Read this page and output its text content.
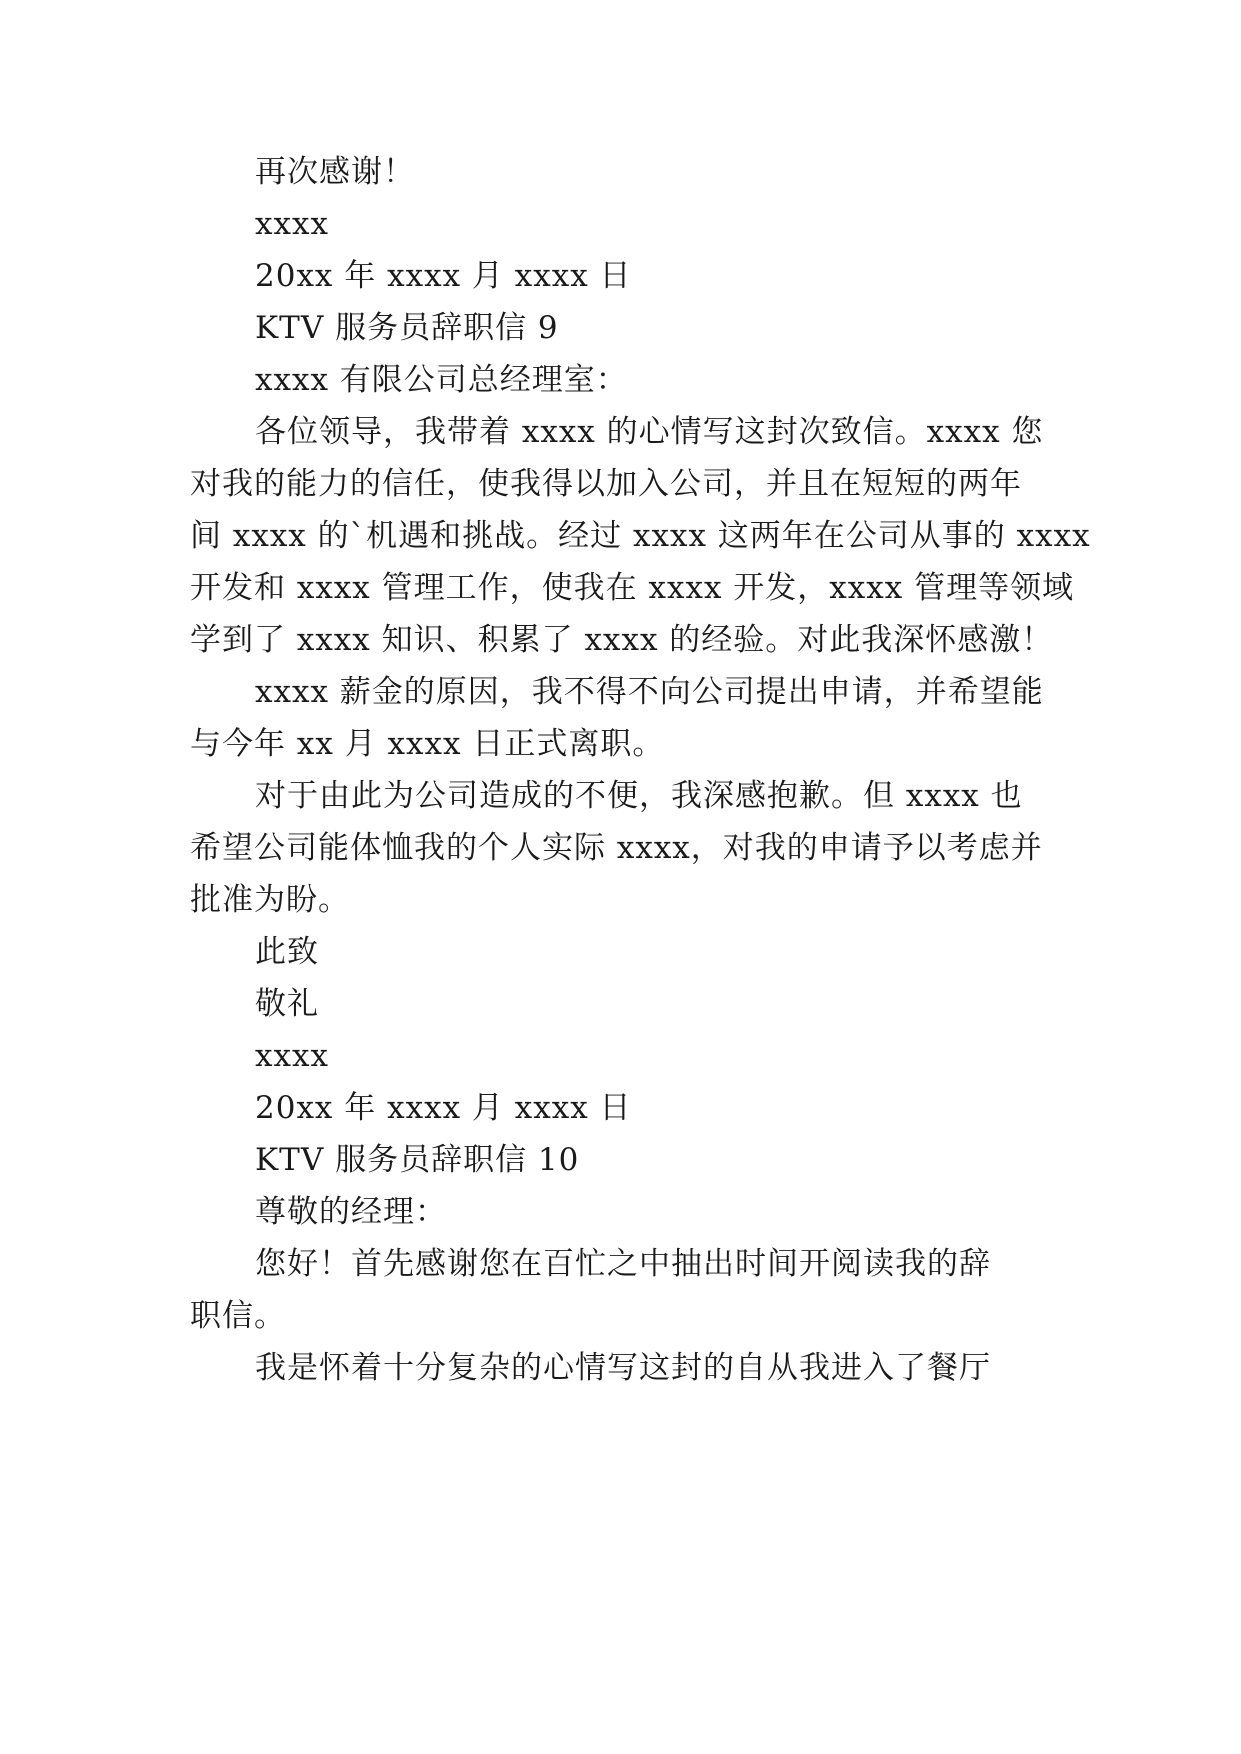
再次感谢！
xxxx
20xx 年 xxxx 月 xxxx 日
KTV 服务员辞职信 9
xxxx 有限公司总经理室：
各位领导，我带着 xxxx 的心情写这封次致信。xxxx 您
对我的能力的信任，使我得以加入公司，并且在短短的两年
间 xxxx 的`机遇和挑战。经过 xxxx 这两年在公司从事的 xxxx
开发和 xxxx 管理工作，使我在 xxxx 开发，xxxx 管理等领域
学到了 xxxx 知识、积累了 xxxx 的经验。对此我深怀感激！
xxxx 薪金的原因，我不得不向公司提出申请，并希望能
与今年 xx 月 xxxx 日正式离职。
对于由此为公司造成的不便，我深感抱歉。但 xxxx 也
希望公司能体恤我的个人实际 xxxx，对我的申请予以考虑并
批准为盼。
此致
敬礼
xxxx
20xx 年 xxxx 月 xxxx 日
KTV 服务员辞职信 10
尊敬的经理：
您好！首先感谢您在百忙之中抽出时间开阅读我的辞
职信。
我是怀着十分复杂的心情写这封的自从我进入了餐厅
